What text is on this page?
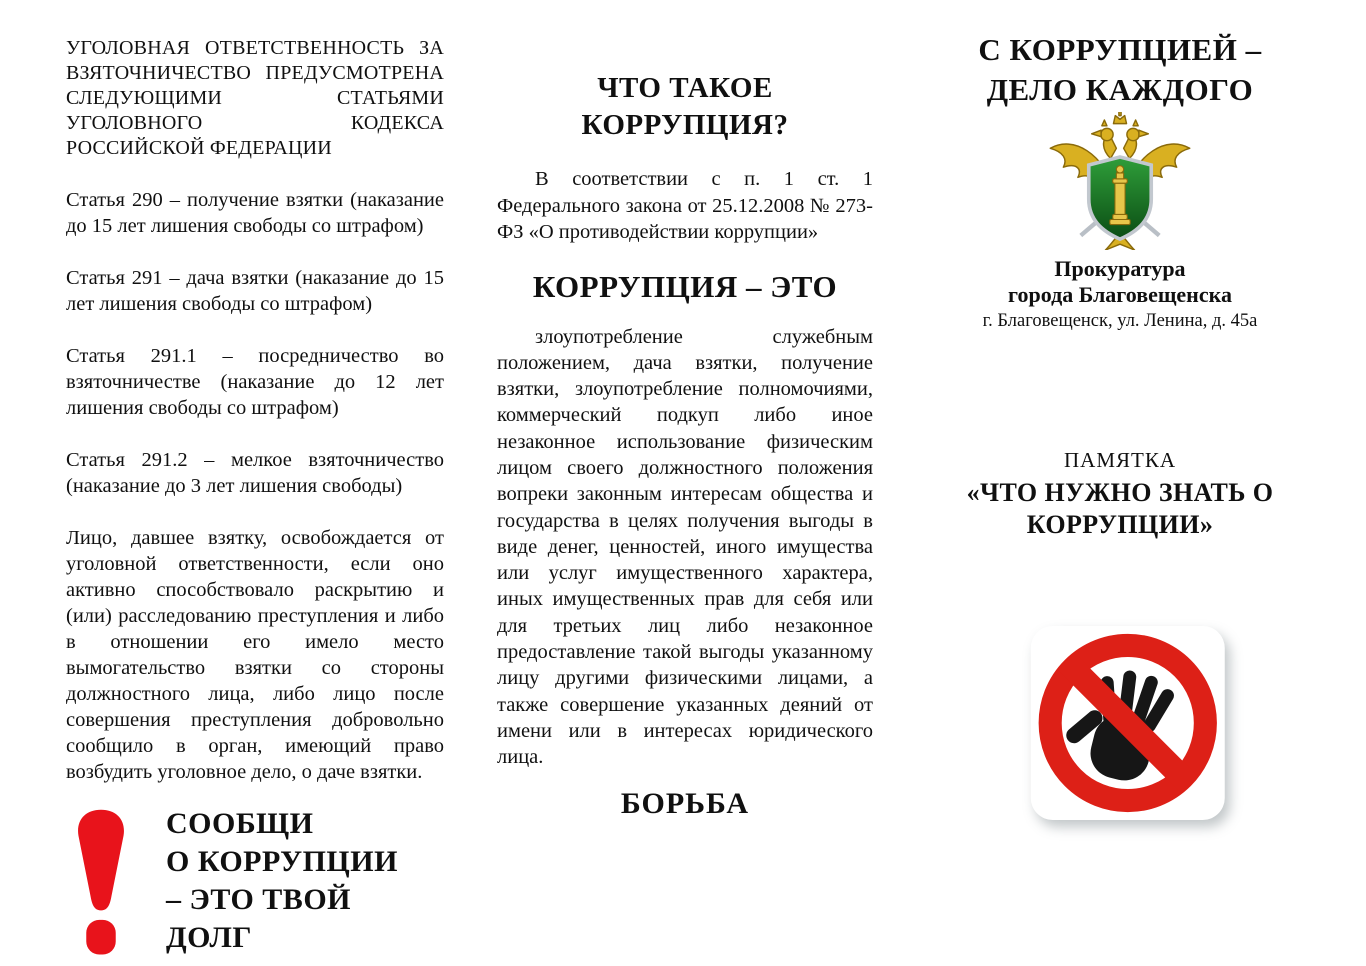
УГОЛОВНАЯ ОТВЕТСТВЕННОСТЬ ЗА ВЗЯТОЧНИЧЕСТВО ПРЕДУСМОТРЕНА СЛЕДУЮЩИМИ СТАТЬЯМИ УГОЛОВНОГО КОДЕКСА РОССИЙСКОЙ ФЕДЕРАЦИИ

Статья 290 – получение взятки (наказание до 15 лет лишения свободы со штрафом)

Статья 291 – дача взятки (наказание до 15 лет лишения свободы со штрафом)

Статья 291.1 – посредничество во взяточничестве (наказание до 12 лет лишения свободы со штрафом)

Статья 291.2 – мелкое взяточничество (наказание до 3 лет лишения свободы)

Лицо, давшее взятку, освобождается от уголовной ответственности, если оно активно способствовало раскрытию и (или) расследованию преступления и либо в отношении его имело место вымогательство взятки со стороны должностного лица, либо лицо после совершения преступления добровольно сообщило в орган, имеющий право возбудить уголовное дело, о даче взятки.

СООБЩИ
О КОРРУПЦИИ
– ЭТО ТВОЙ
ДОЛГ
ЧТО ТАКОЕ
КОРРУПЦИЯ?

В соответствии с п. 1 ст. 1 Федерального закона от 25.12.2008 № 273-ФЗ «О противодействии коррупции»

КОРРУПЦИЯ – ЭТО

злоупотребление служебным положением, дача взятки, получение взятки, злоупотребление полномочиями, коммерческий подкуп либо иное незаконное использование физическим лицом своего должностного положения вопреки законным интересам общества и государства в целях получения выгоды в виде денег, ценностей, иного имущества или услуг имущественного характера, иных имущественных прав для себя или для третьих лиц либо незаконное предоставление такой выгоды указанному лицу другими физическими лицами, а также совершение указанных деяний от имени или в интересах юридического лица.

БОРЬБА

С КОРРУПЦИЕЙ –
ДЕЛО КАЖДОГО
Прокуратура
города Благовещенска
г. Благовещенск, ул. Ленина, д. 45а
ПАМЯТКА
«ЧТО НУЖНО ЗНАТЬ О
КОРРУПЦИИ»
